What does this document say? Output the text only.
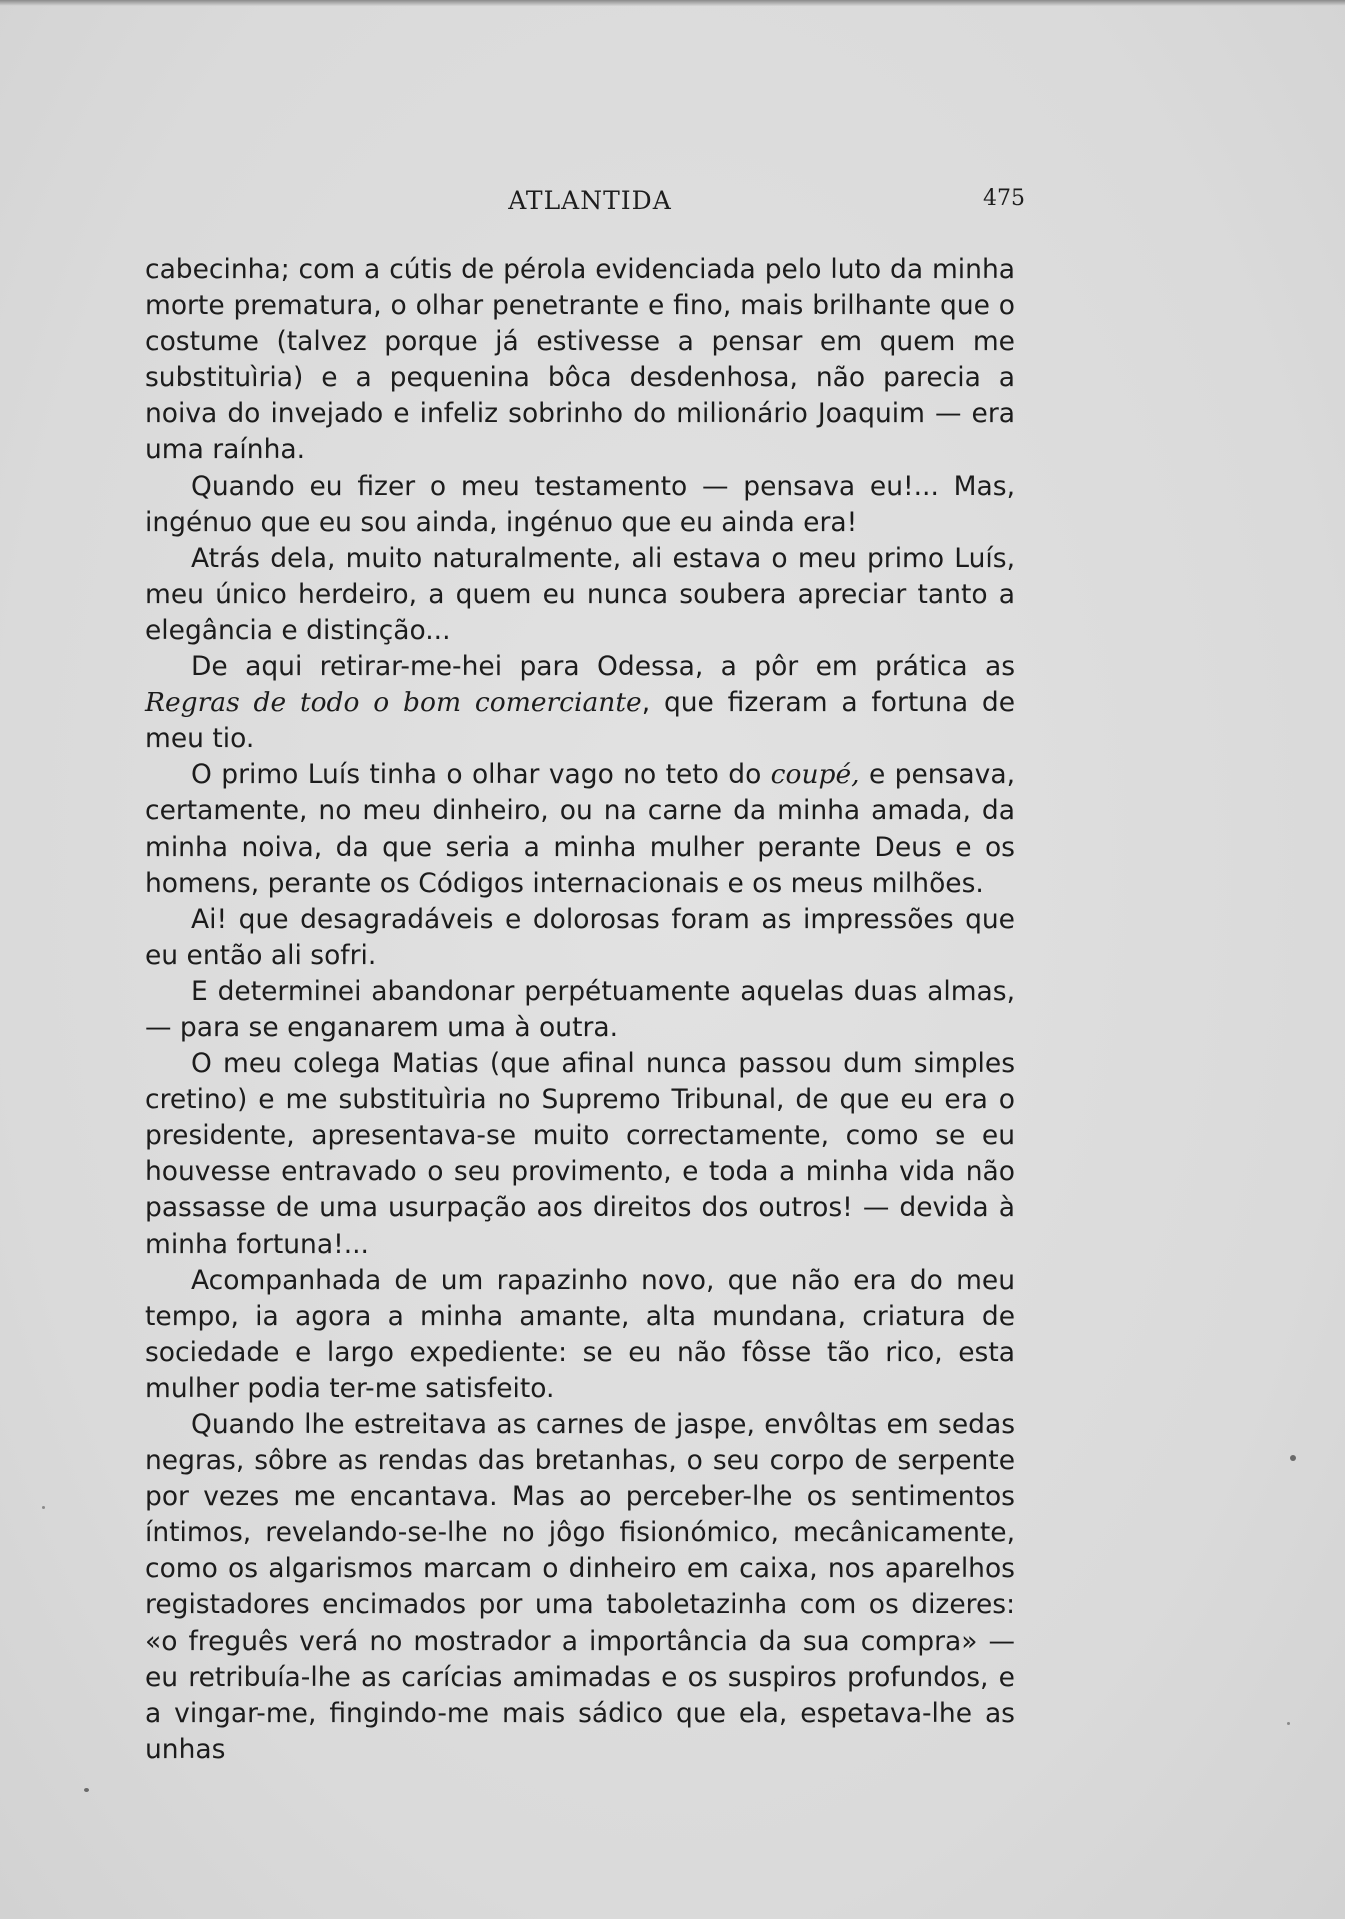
ATLANTIDA	475

cabecinha; com a cútis de pérola evidenciada pelo luto da minha morte prematura, o olhar penetrante e fino, mais brilhante que o costume (talvez porque já estivesse a pensar em quem me substituìria) e a pequenina bôca desdenhosa, não parecia a noiva do invejado e infeliz sobrinho do milionário Joaquim — era uma raínha.

Quando eu fizer o meu testamento — pensava eu!... Mas, ingénuo que eu sou ainda, ingénuo que eu ainda era!

Atrás dela, muito naturalmente, ali estava o meu primo Luís, meu único herdeiro, a quem eu nunca soubera apreciar tanto a elegância e distinção...

De aqui retirar-me-hei para Odessa, a pôr em prática as Regras de todo o bom comerciante, que fizeram a fortuna de meu tio.

O primo Luís tinha o olhar vago no teto do coupé, e pensava, certamente, no meu dinheiro, ou na carne da minha amada, da minha noiva, da que seria a minha mulher perante Deus e os homens, perante os Códigos internacionais e os meus milhões.

Ai! que desagradáveis e dolorosas foram as impressões que eu então ali sofri.

E determinei abandonar perpétuamente aquelas duas almas,— para se enganarem uma à outra.

O meu colega Matias (que afinal nunca passou dum simples cretino) e me substituìria no Supremo Tribunal, de que eu era o presidente, apresentava-se muito correctamente, como se eu houvesse entravado o seu provimento, e toda a minha vida não passasse de uma usurpação aos direitos dos outros! — devida à minha fortuna!...

Acompanhada de um rapazinho novo, que não era do meu tempo, ia agora a minha amante, alta mundana, criatura de sociedade e largo expediente: se eu não fôsse tão rico, esta mulher podia ter-me satisfeito.

Quando lhe estreitava as carnes de jaspe, envôltas em sedas negras, sôbre as rendas das bretanhas, o seu corpo de serpente por vezes me encantava. Mas ao perceber-lhe os sentimentos íntimos, revelando-se-lhe no jôgo fisionómico, mecânicamente, como os algarismos marcam o dinheiro em caixa, nos aparelhos registadores encimados por uma taboletazinha com os dizeres: «o freguês verá no mostrador a importância da sua compra» — eu retribuía-lhe as carícias amimadas e os suspiros profundos, e a vingar-me, fingindo-me mais sádico que ela, espetava-lhe as unhas
